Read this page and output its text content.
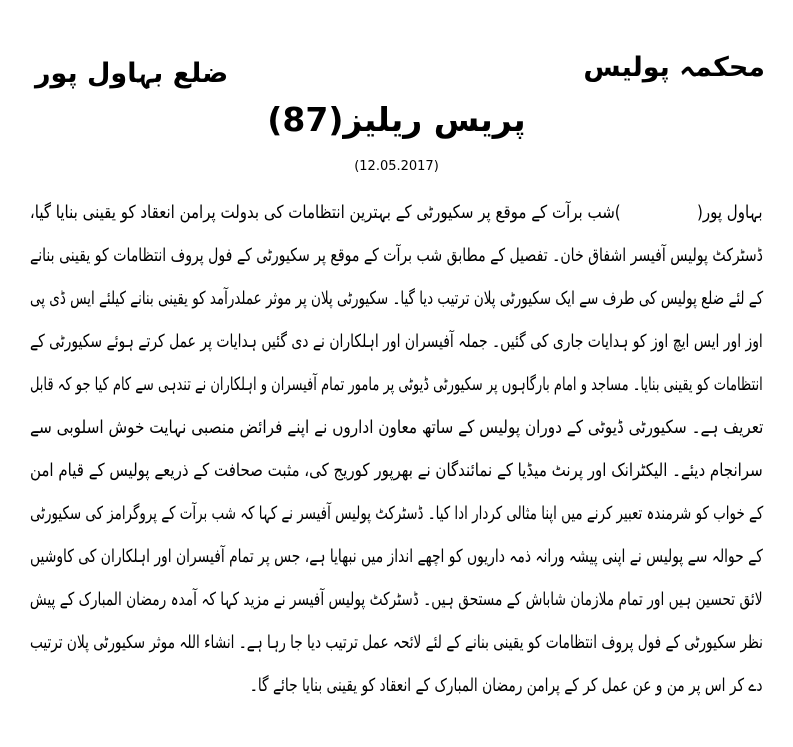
محکمہ پولیس
ضلع بہاول پور
پریس ریلیز(87)
(12.05.2017)
بہاول پور(                )شب برآت کے موقع پر سکیورٹی کے بہترین انتظامات کی بدولت پرامن انعقاد کو یقینی بنایا گیا،
ڈسٹرکٹ پولیس آفیسر اشفاق خان۔ تفصیل کے مطابق شب برآت کے موقع پر سکیورٹی کے فول پروف انتظامات کو یقینی بنانے
کے لئے ضلع پولیس کی طرف سے ایک سکیورٹی پلان ترتیب دیا گیا۔ سکیورٹی پلان پر موثر عملدرآمد کو یقینی بنانے کیلئے ایس ڈی پی
اوز اور ایس ایچ اوز کو ہدایات جاری کی گئیں۔ جملہ آفیسران اور اہلکاران نے دی گئیں ہدایات پر عمل کرتے ہوئے سکیورٹی کے
انتظامات کو یقینی بنایا۔ مساجد و امام بارگاہوں پر سکیورٹی ڈیوٹی پر مامور تمام آفیسران و اہلکاران نے تندہی سے کام کیا جو کہ قابل
تعریف ہے۔ سکیورٹی ڈیوٹی کے دوران پولیس کے ساتھ معاون اداروں نے اپنے فرائض منصبی نہایت خوش اسلوبی سے
سرانجام دیئے۔ الیکٹرانک اور پرنٹ میڈیا کے نمائندگان نے بھرپور کوریج کی، مثبت صحافت کے ذریعے پولیس کے قیام امن
کے خواب کو شرمندہ تعبیر کرنے میں اپنا مثالی کردار ادا کیا۔ ڈسٹرکٹ پولیس آفیسر نے کہا کہ شب برآت کے پروگرامز کی سکیورٹی
کے حوالہ سے پولیس نے اپنی پیشہ ورانہ ذمہ داریوں کو اچھے انداز میں نبھایا ہے، جس پر تمام آفیسران اور اہلکاران کی کاوشیں
لائق تحسین ہیں اور تمام ملازمان شاباش کے مستحق ہیں۔ ڈسٹرکٹ پولیس آفیسر نے مزید کہا کہ آمدہ رمضان المبارک کے پیش
نظر سکیورٹی کے فول پروف انتظامات کو یقینی بنانے کے لئے لائحہ عمل ترتیب دیا جا رہا ہے۔ انشاء اللہ موثر سکیورٹی پلان ترتیب
دے کر اس پر من و عن عمل کر کے پرامن رمضان المبارک کے انعقاد کو یقینی بنایا جائے گا۔
